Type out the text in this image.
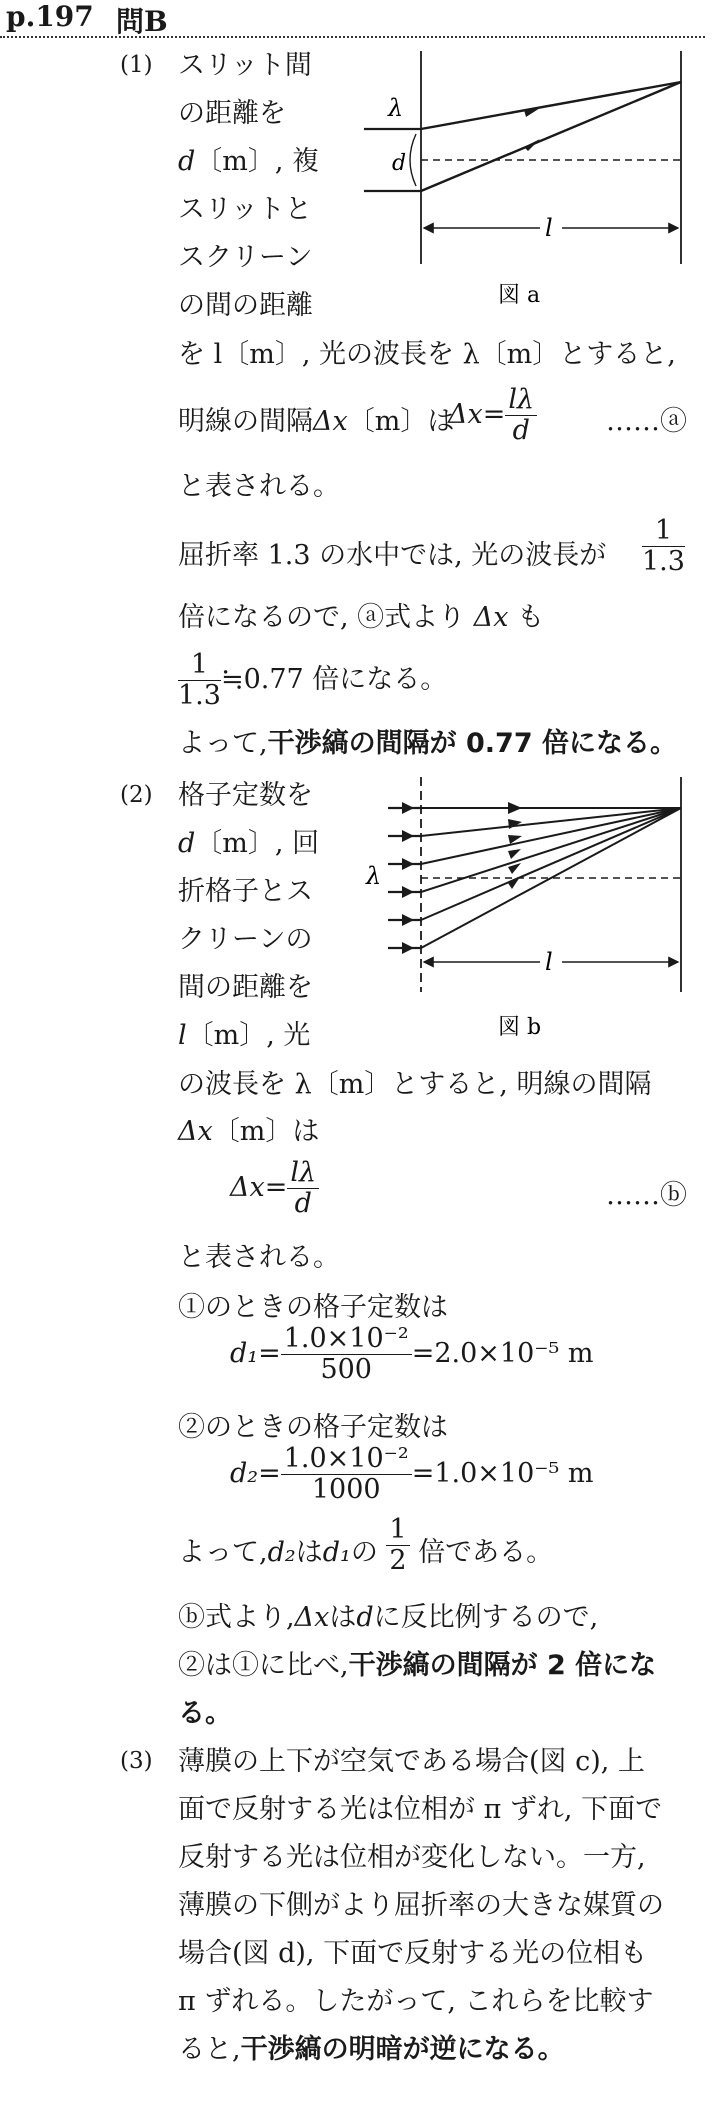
p.197 問B
(1) スリット間
の距離を
d〔m〕, 複
スリットと
スクリーン
の間の距離
λ
d
l
図 a
を l〔m〕, 光の波長を λ〔m〕とすると,
明線の間隔Δx〔m〕は
$\Delta x= \frac{l\lambda}{d}$	……ⓐ
と表される。
屈折率 1.3 の水中では, 光の波長が $\frac{1}{1.3}$
倍になるので, ⓐ式より Δx も
$\frac{1}{1.3}$ ≒0.77 倍になる。
よって,干渉縞の間隔が 0.77 倍になる。
(2) 格子定数を
d〔m〕, 回
折格子とス
クリーンの
間の距離を
l〔m〕, 光
λ
l
図 b
の波長を λ〔m〕とすると, 明線の間隔
Δx〔m〕は
$\Delta x= \frac{l\lambda}{d}$	……ⓑ
と表される。
①のときの格子定数は
$d_1= \frac{\text{1.0×10⁻²}}{500} =2.0\times 10^{-5}$ m
②のときの格子定数は
$d_2= \frac{\text{1.0×10⁻²}}{1000} =1.0\times 10^{-5}$ m
よって,d₂はd₁の $\frac{1}{2}$ 倍である。
ⓑ式より,Δxはdに反比例するので,
②は①に比べ,干渉縞の間隔が 2 倍にな
る。
(3) 薄膜の上下が空気である場合(図 c), 上
面で反射する光は位相が π ずれ, 下面で
反射する光は位相が変化しない。一方,
薄膜の下側がより屈折率の大きな媒質の
場合(図 d), 下面で反射する光の位相も
π ずれる。したがって, これらを比較す
ると,干渉縞の明暗が逆になる。
